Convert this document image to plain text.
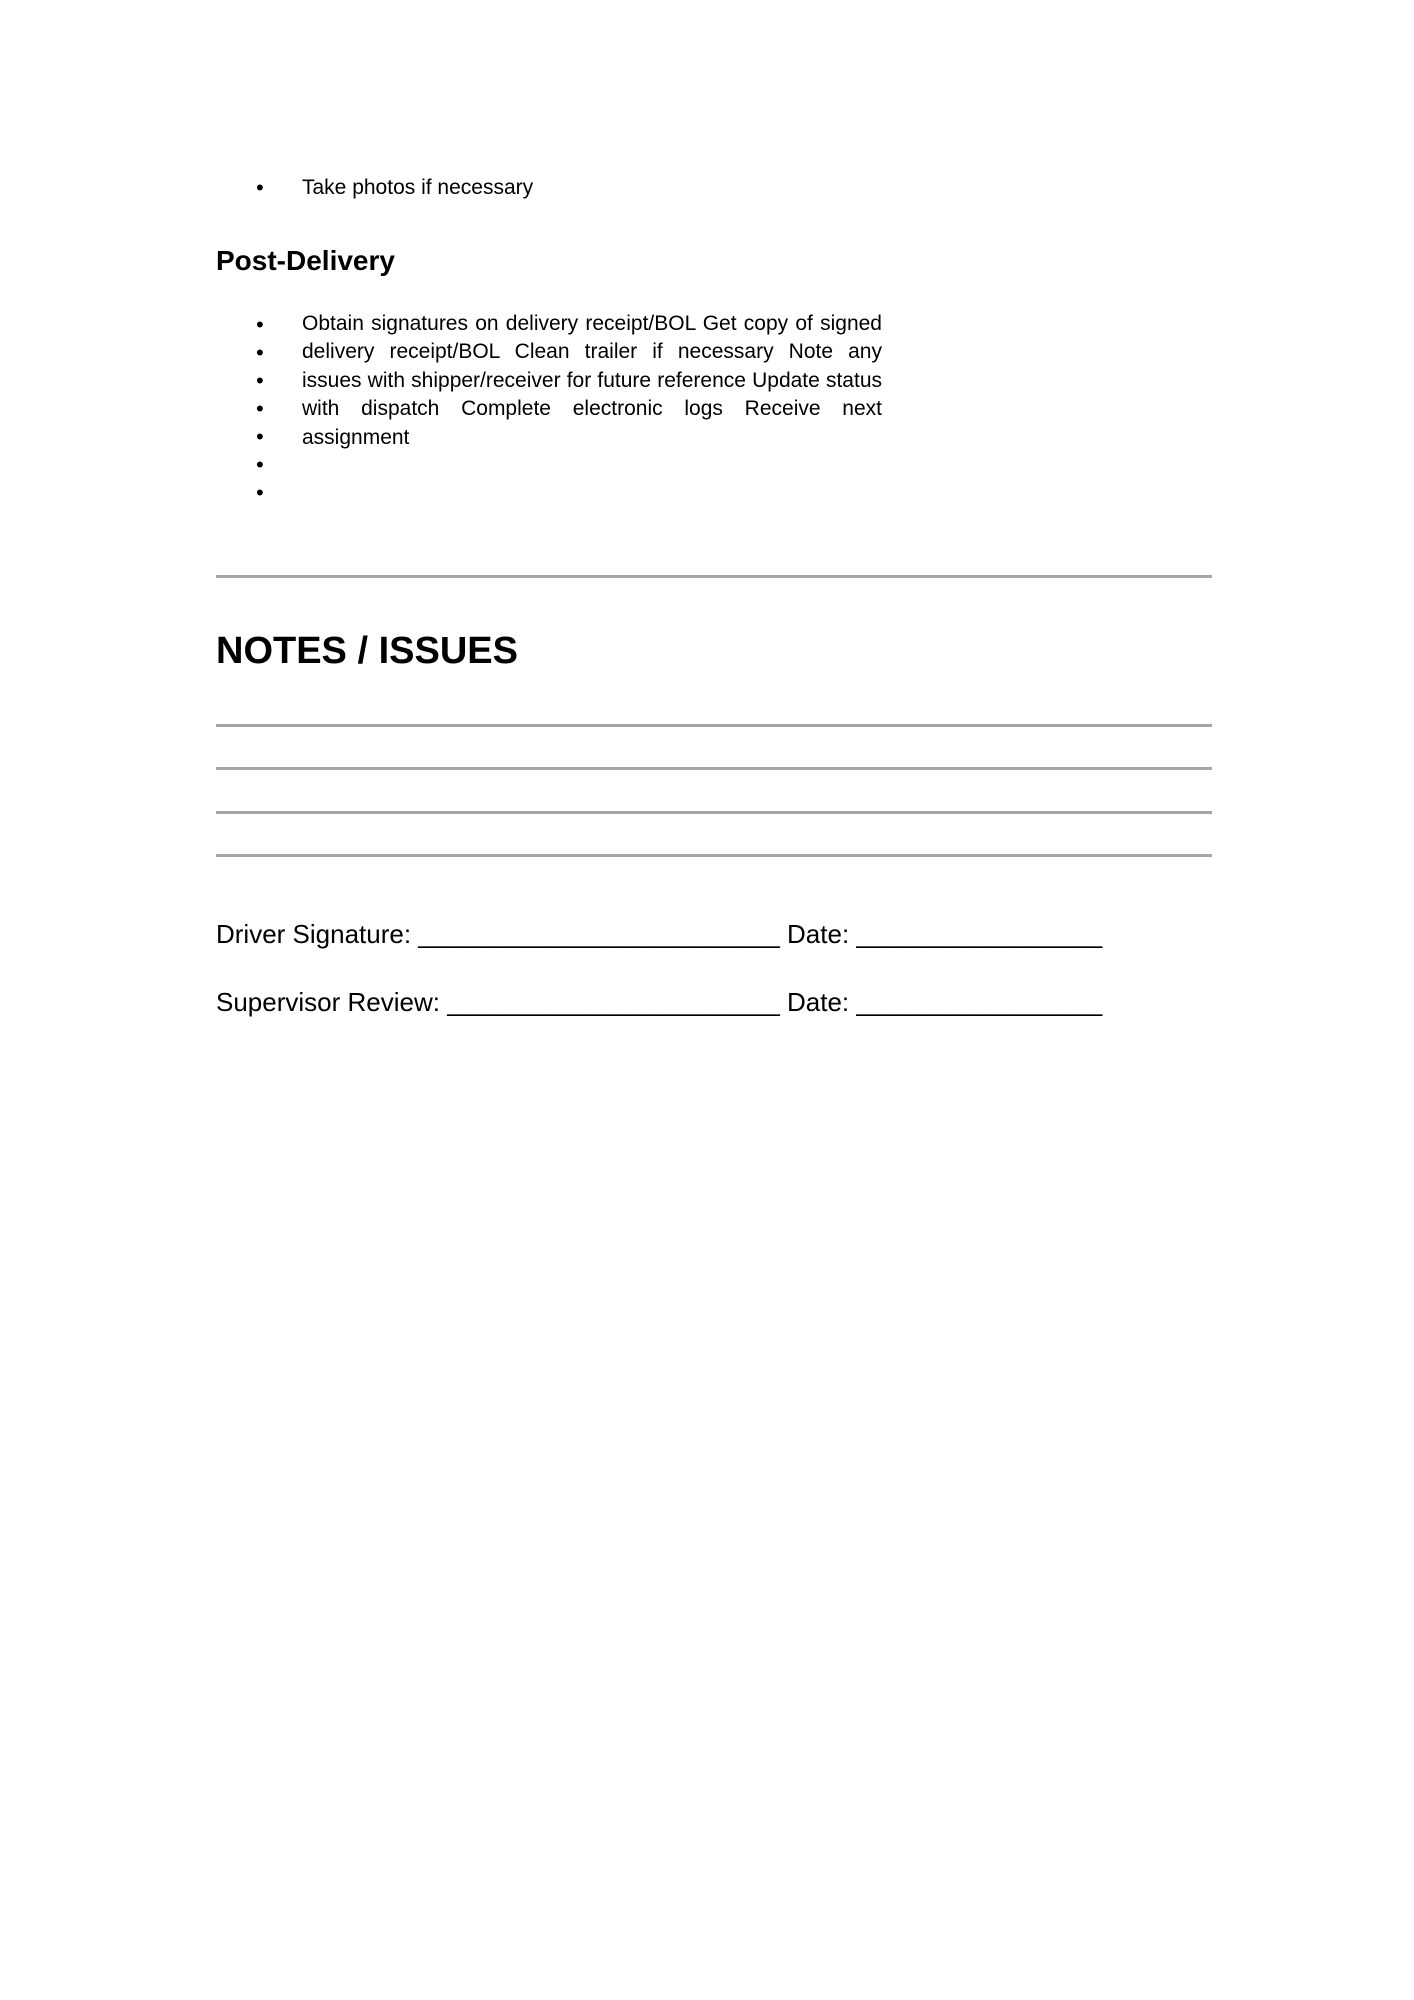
• Take photos if necessary
Post-Delivery
•
•
•
•
•
•
•
Obtain signatures on delivery receipt/BOL Get copy of signed delivery receipt/BOL Clean trailer if necessary Note any issues with shipper/receiver for future reference Update status with dispatch Complete electronic logs Receive next assignment
NOTES / ISSUES
Driver Signature: _________________________ Date: _________________
Supervisor Review: _______________________ Date: _________________
